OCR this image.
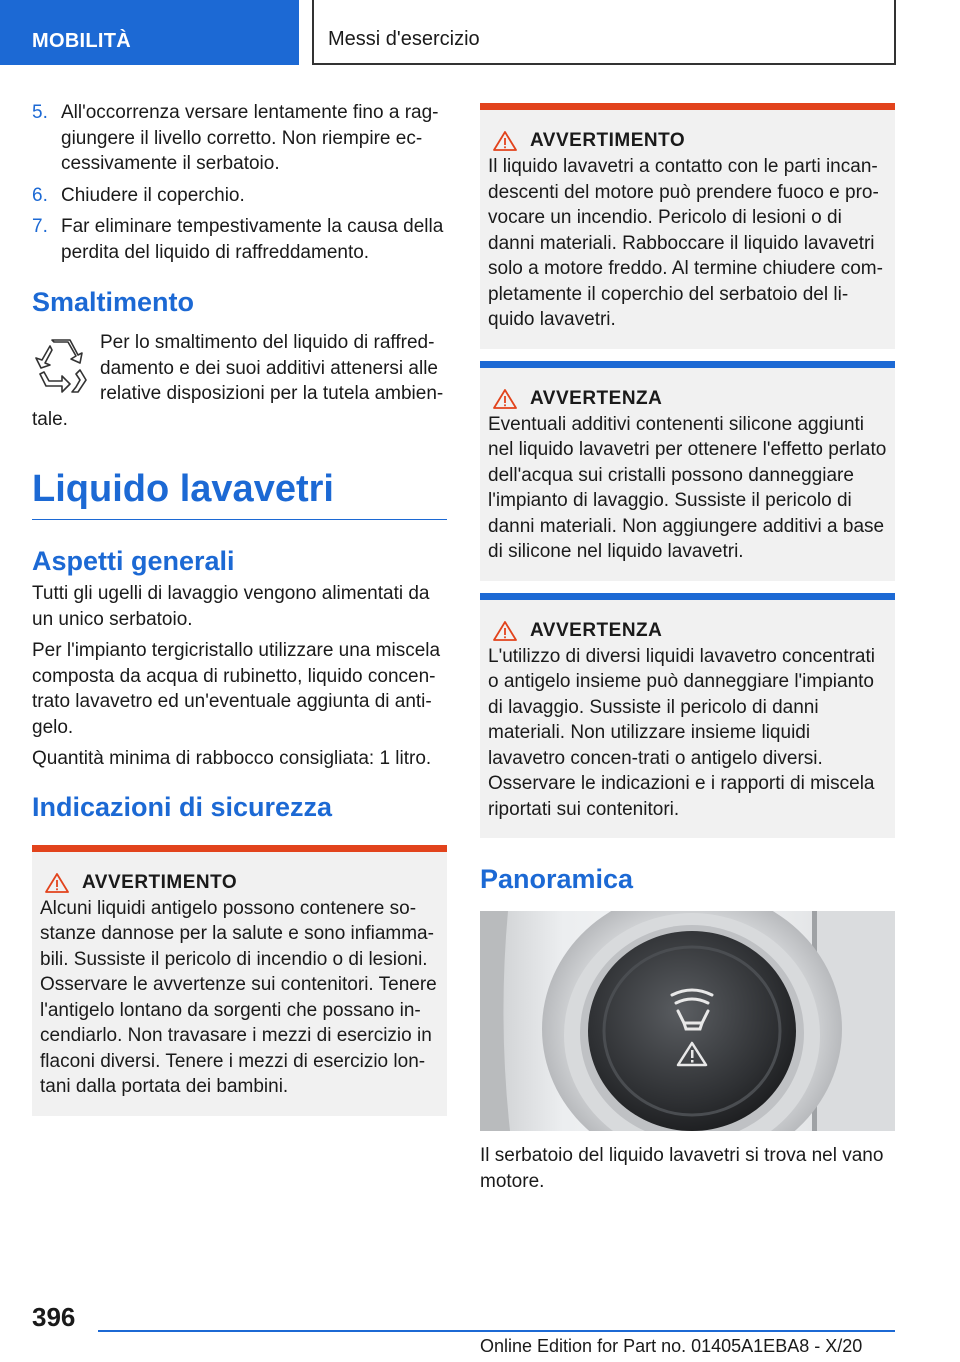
MOBILITÀ	Messi d'esercizio
5. All'occorrenza versare lentamente fino a rag-giungere il livello corretto. Non riempire ec-cessivamente il serbatoio.
6. Chiudere il coperchio.
7. Far eliminare tempestivamente la causa della perdita del liquido di raffreddamento.
Smaltimento

Per lo smaltimento del liquido di raffred-damento e dei suoi additivi attenersi alle relative disposizioni per la tutela ambien-tale.

Liquido lavavetri
Aspetti generali

Tutti gli ugelli di lavaggio vengono alimentati da un unico serbatoio.

Per l'impianto tergicristallo utilizzare una miscela composta da acqua di rubinetto, liquido concen-trato lavavetro ed un'eventuale aggiunta di anti-gelo.

Quantità minima di rabbocco consigliata: 1 litro.

Indicazioni di sicurezza
AVVERTIMENTO

Alcuni liquidi antigelo possono contenere so-stanze dannose per la salute e sono infiamma-bili. Sussiste il pericolo di incendio o di lesioni. Osservare le avvertenze sui contenitori. Tenere l'antigelo lontano da sorgenti che possano in-cendiarlo. Non travasare i mezzi di esercizio in flaconi diversi. Tenere i mezzi di esercizio lon-tani dalla portata dei bambini.

AVVERTIMENTO

Il liquido lavavetri a contatto con le parti incan-descenti del motore può prendere fuoco e pro-vocare un incendio. Pericolo di lesioni o di danni materiali. Rabboccare il liquido lavavetri solo a motore freddo. Al termine chiudere com-pletamente il coperchio del serbatoio del li-quido lavavetri.

AVVERTENZA

Eventuali additivi contenenti silicone aggiunti nel liquido lavavetri per ottenere l'effetto perlato dell'acqua sui cristalli possono danneggiare l'impianto di lavaggio. Sussiste il pericolo di danni materiali. Non aggiungere additivi a base di silicone nel liquido lavavetri.

AVVERTENZA

L'utilizzo di diversi liquidi lavavetro concentrati o antigelo insieme può danneggiare l'impianto di lavaggio. Sussiste il pericolo di danni materiali. Non utilizzare insieme liquidi lavavetro concen-trati o antigelo diversi. Osservare le indicazioni e i rapporti di miscela riportati sui contenitori.

Panoramica

Il serbatoio del liquido lavavetri si trova nel vano motore.

396
Online Edition for Part no. 01405A1EBA8 - X/20
